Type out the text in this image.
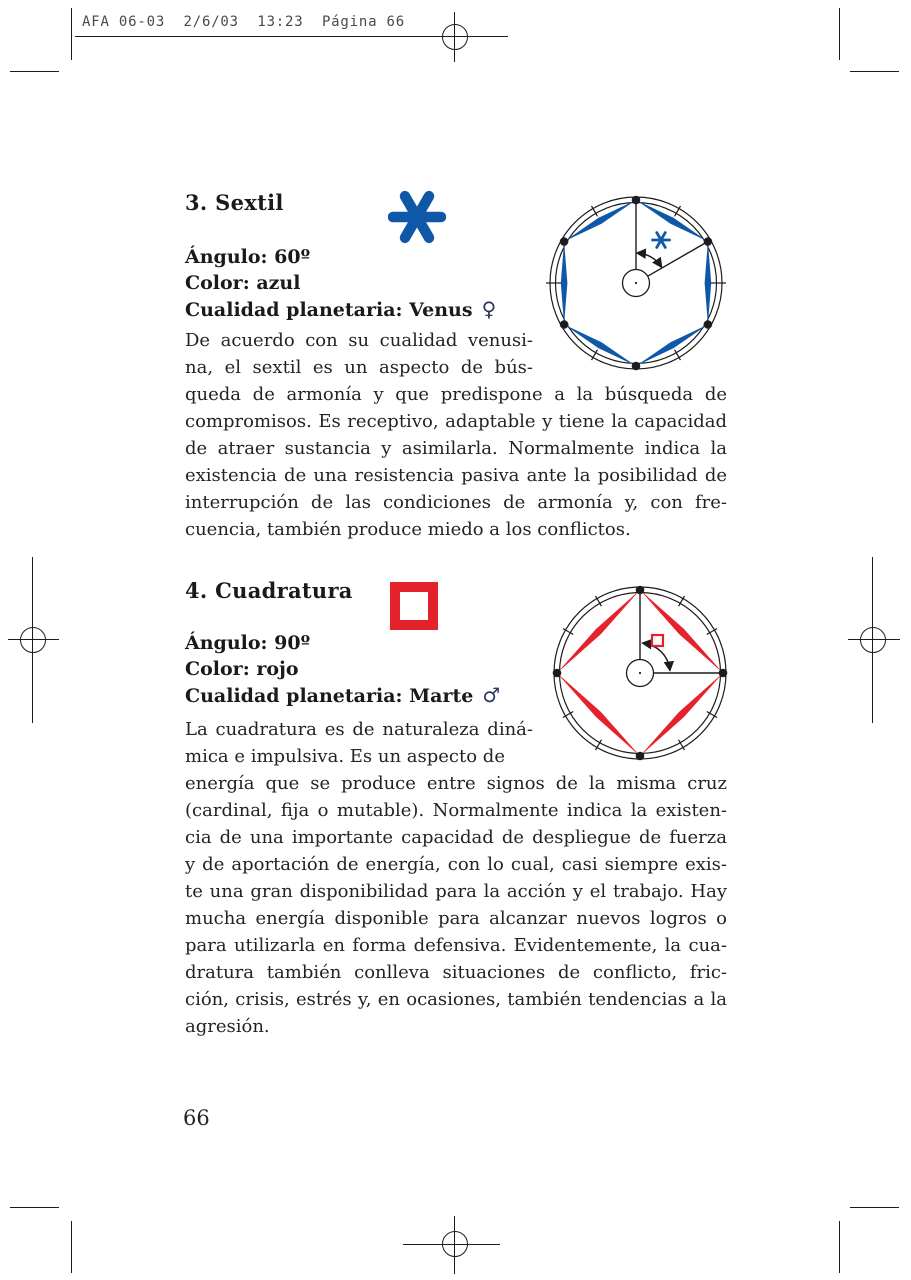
AFA 06-03  2/6/03  13:23  Página 66
3. Sextil
Ángulo: 60º
Color: azul
Cualidad planetaria: Venus ♀
De acuerdo con su cualidad venusi-
na, el sextil es un aspecto de bús-
queda de armonía y que predispone a la búsqueda de
compromisos. Es receptivo, adaptable y tiene la capacidad
de atraer sustancia y asimilarla. Normalmente indica la
existencia de una resistencia pasiva ante la posibilidad de
interrupción de las condiciones de armonía y, con fre-
cuencia, también produce miedo a los conflictos.
4. Cuadratura
Ángulo: 90º
Color: rojo
Cualidad planetaria: Marte ♂
La cuadratura es de naturaleza diná-
mica e impulsiva. Es un aspecto de
energía que se produce entre signos de la misma cruz
(cardinal, fija o mutable). Normalmente indica la existen-
cia de una importante capacidad de despliegue de fuerza
y de aportación de energía, con lo cual, casi siempre exis-
te una gran disponibilidad para la acción y el trabajo. Hay
mucha energía disponible para alcanzar nuevos logros o
para utilizarla en forma defensiva. Evidentemente, la cua-
dratura también conlleva situaciones de conflicto, fric-
ción, crisis, estrés y, en ocasiones, también tendencias a la
agresión.
66
